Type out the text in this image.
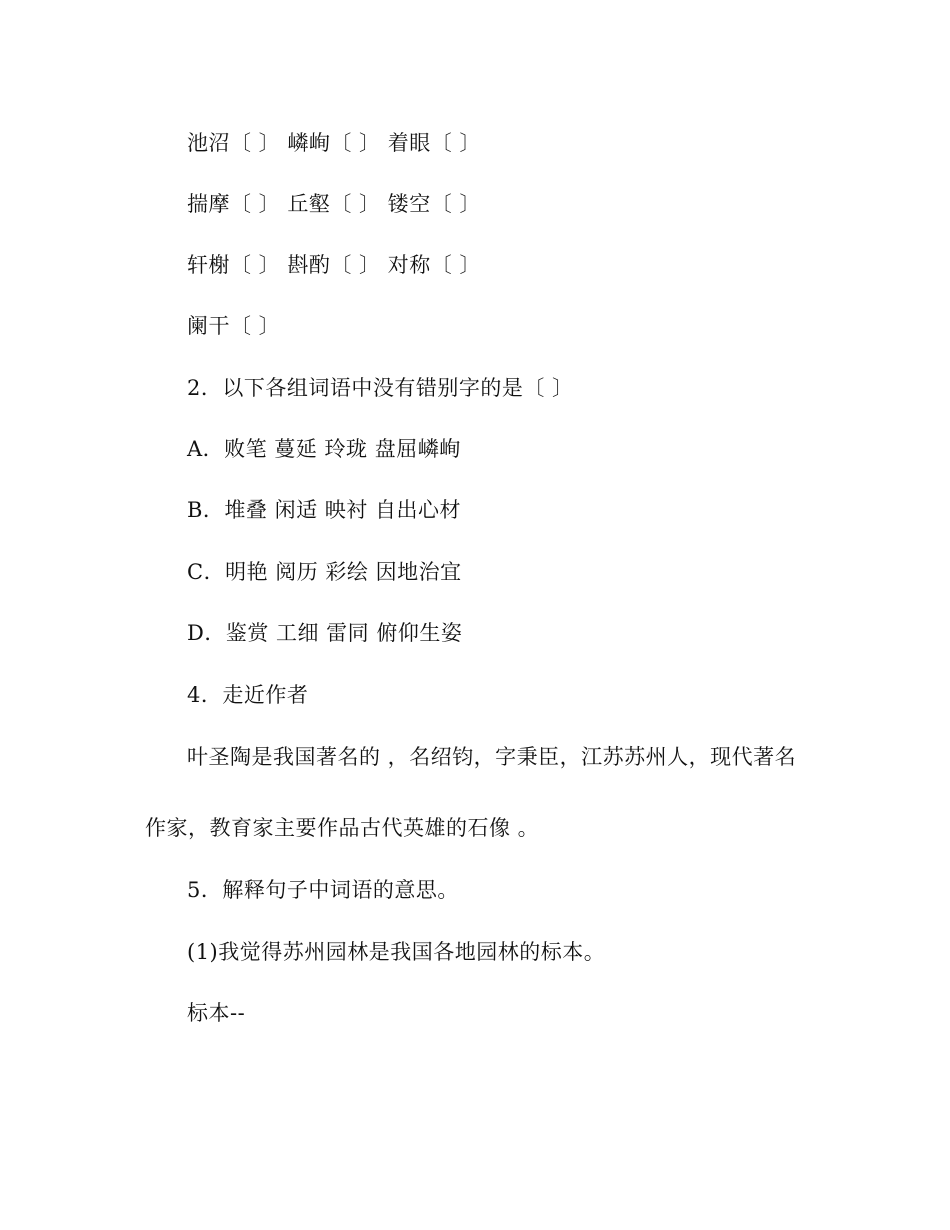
池沼〔 〕 嶙峋〔 〕 着眼〔 〕
揣摩〔 〕 丘壑〔 〕 镂空〔 〕
轩榭〔 〕 斟酌〔 〕 对称〔 〕
阑干〔 〕
2．以下各组词语中没有错别字的是〔 〕
A．败笔 蔓延 玲珑 盘屈嶙峋
B．堆叠 闲适 映衬 自出心材
C．明艳 阅历 彩绘 因地治宜
D．鉴赏 工细 雷同 俯仰生姿
4．走近作者
叶圣陶是我国著名的 ，名绍钧，字秉臣，江苏苏州人，现代著名
作家，教育家主要作品古代英雄的石像 。
5．解释句子中词语的意思。
(1)我觉得苏州园林是我国各地园林的标本。
标本--
